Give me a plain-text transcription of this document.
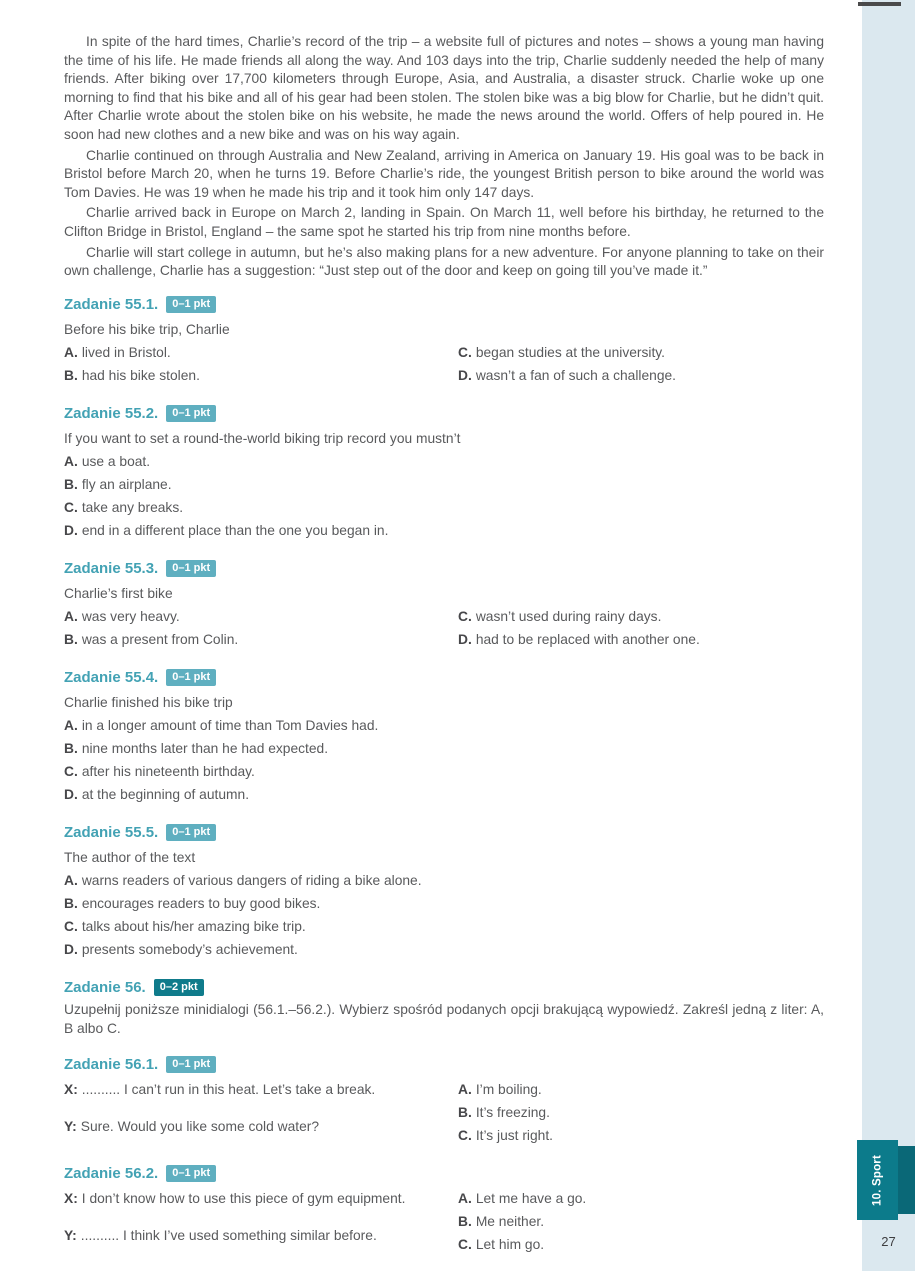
In spite of the hard times, Charlie’s record of the trip – a website full of pictures and notes – shows a young man having the time of his life. He made friends all along the way. And 103 days into the trip, Charlie suddenly needed the help of many friends. After biking over 17,700 kilometers through Europe, Asia, and Australia, a disaster struck. Charlie woke up one morning to find that his bike and all of his gear had been stolen. The stolen bike was a big blow for Charlie, but he didn’t quit. After Charlie wrote about the stolen bike on his website, he made the news around the world. Offers of help poured in. He soon had new clothes and a new bike and was on his way again.

Charlie continued on through Australia and New Zealand, arriving in America on January 19. His goal was to be back in Bristol before March 20, when he turns 19. Before Charlie’s ride, the youngest British person to bike around the world was Tom Davies. He was 19 when he made his trip and it took him only 147 days.

Charlie arrived back in Europe on March 2, landing in Spain. On March 11, well before his birthday, he returned to the Clifton Bridge in Bristol, England – the same spot he started his trip from nine months before.

Charlie will start college in autumn, but he’s also making plans for a new adventure. For anyone planning to take on their own challenge, Charlie has a suggestion: “Just step out of the door and keep on going till you’ve made it.”

Zadanie 55.1. 0–1 pkt
Before his bike trip, Charlie
A. lived in Bristol.	C. began studies at the university.
B. had his bike stolen.	D. wasn’t a fan of such a challenge.
Zadanie 55.2. 0–1 pkt
If you want to set a round-the-world biking trip record you mustn’t
A. use a boat.
B. fly an airplane.
C. take any breaks.
D. end in a different place than the one you began in.
Zadanie 55.3. 0–1 pkt
Charlie’s first bike
A. was very heavy.	C. wasn’t used during rainy days.
B. was a present from Colin.	D. had to be replaced with another one.
Zadanie 55.4. 0–1 pkt
Charlie finished his bike trip
A. in a longer amount of time than Tom Davies had.
B. nine months later than he had expected.
C. after his nineteenth birthday.
D. at the beginning of autumn.
Zadanie 55.5. 0–1 pkt
The author of the text
A. warns readers of various dangers of riding a bike alone.
B. encourages readers to buy good bikes.
C. talks about his/her amazing bike trip.
D. presents somebody’s achievement.
Zadanie 56. 0–2 pkt

Uzupełnij poniższe minidialogi (56.1.–56.2.). Wybierz spośród podanych opcji brakującą wypowiedź. Zakreśl jedną z liter: A, B albo C.

Zadanie 56.1. 0–1 pkt
X: .......... I can’t run in this heat. Let’s take a break.
Y: Sure. Would you like some cold water?
A. I’m boiling.
B. It’s freezing.
C. It’s just right.
Zadanie 56.2. 0–1 pkt
X: I don’t know how to use this piece of gym equipment.
Y: .......... I think I’ve used something similar before.
A. Let me have a go.
B. Me neither.
C. Let him go.
10. Sport
27
